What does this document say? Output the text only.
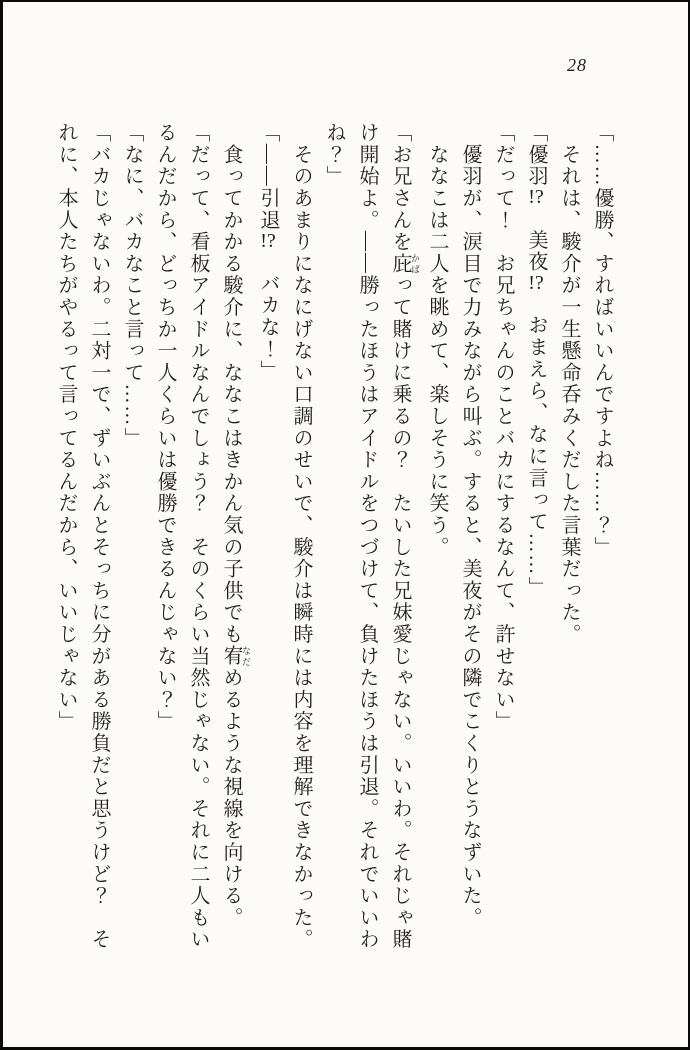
28

「……優勝、すればいいんですよね……？」

　それは、駿介が一生懸命呑みくだした言葉だった。

「優羽!?　美夜!?　おまえら、なに言って……」

「だって！　お兄ちゃんのことバカにするなんて、許せない」

　優羽が、涙目で力みながら叫ぶ。すると、美夜がその隣でこくりとうなずいた。

　ななこは二人を眺めて、楽しそうに笑う。

「お兄さんを庇 かばって賭けに乗るの？　たいした兄妹愛じゃない。いいわ。それじゃ賭

け開始よ。――勝ったほうはアイドルをつづけて、負けたほうは引退。それでいいわ

ね？」

　そのあまりになにげない口調のせいで、駿介は瞬時には内容を理解できなかった。

「――引退!?　バカな！」

　食ってかかる駿介に、ななこはきかん気の子供でも宥 なだめるような視線を向ける。

「だって、看板アイドルなんでしょう？　そのくらい当然じゃない。それに二人もい

るんだから、どっちか一人くらいは優勝できるんじゃない？」

「なに、バカなこと言って……」

「バカじゃないわ。二対一で、ずいぶんとそっちに分がある勝負だと思うけど？　そ

れに、本人たちがやるって言ってるんだから、いいじゃない」
